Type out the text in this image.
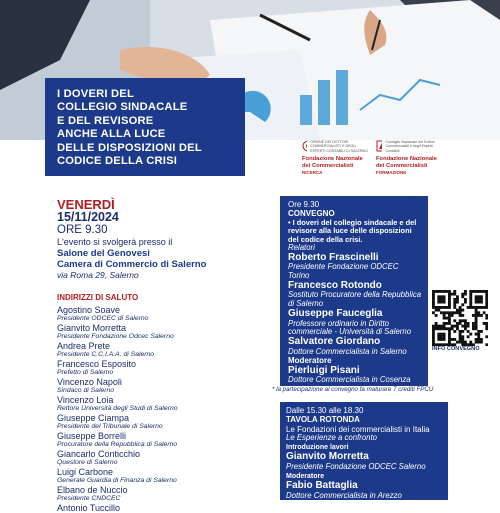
I DOVERI DEL
COLLEGIO SINDACALE
E DEL REVISORE
ANCHE ALLA LUCE
DELLE DISPOSIZIONI DEL
CODICE DELLA CRISI
ORDINE DEI DOTTORI COMMERCIALISTI E DEGLI ESPERTI CONTABILI DI SALERNO
Fondazione Nazionale dei Commercialisti
RICERCA
Consiglio Nazionale dei Dottori Commercialisti e degli Esperti Contabili
Fondazione Nazionale dei Commercialisti
FORMAZIONE
VENERDÌ
15/11/2024
ORE 9.30
L'evento si svolgerà presso il
Salone del Genovesi
Camera di Commercio di Salerno
via Roma 29, Salerno
INDIRIZZI DI SALUTO
Agostino Soave
Presidente ODCEC di Salerno
Gianvito Morretta
Presidente Fondazione Odcec Salerno
Andrea Prete
Presidente C.C.I.A.A. di Salerno
Francesco Esposito
Prefetto di Salerno
Vincenzo Napoli
Sindaco di Salerno
Vincenzo Loia
Rettore Università degli Studi di Salerno
Giuseppe Ciampa
Presidente del Tribunale di Salerno
Giuseppe Borrelli
Procuratore della Repubblica di Salerno
Giancarlo Conticchio
Questore di Salerno
Luigi Carbone
Generale Guardia di Finanza di Salerno
Elbano de Nuccio
Presidente CNDCEC
Antonio Tuccillo
Ore 9.30
CONVEGNO
• I doveri del collegio sindacale e del revisore alla luce delle disposizioni del codice della crisi.
Relatori
Roberto Frascinelli
Presidente Fondazione ODCEC Torino
Francesco Rotondo
Sostituto Procuratore della Repubblica di Salerno
Giuseppe Fauceglia
Professore ordinario in Diritto commerciale - Università di Salerno
Salvatore Giordano
Dottore Commercialista in Salerno
Moderatore
Pierluigi Pisani
Dottore Commercialista in Cosenza
INFO CONVEGNO
* la partecipazione al convegno fa maturare 7 crediti FPCU
Dalle 15.30 alle 18.30
TAVOLA ROTONDA
Le Fondazioni dei commercialisti in Italia
Le Esperienze a confronto
Introduzione lavori
Gianvito Morretta
Presidente Fondazione ODCEC Salerno
Moderatore
Fabio Battaglia
Dottore Commercialista in Arezzo
